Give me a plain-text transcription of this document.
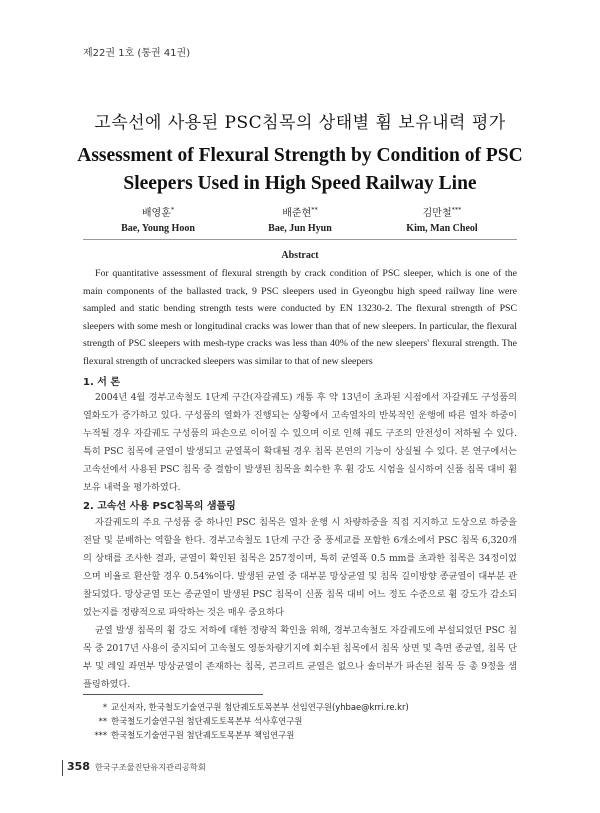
제22권 1호 (통권 41권)
고속선에 사용된 PSC침목의 상태별 휨 보유내력 평가
Assessment of Flexural Strength by Condition of PSC Sleepers Used in High Speed Railway Line
배영훈*
Bae, Young Hoon
배준현**
Bae, Jun Hyun
김만철***
Kim, Man Cheol
Abstract
For quantitative assessment of flexural strength by crack condition of PSC sleeper, which is one of the main components of the ballasted track, 9 PSC sleepers used in Gyeongbu high speed railway line were sampled and static bending strength tests were conducted by EN 13230-2. The flexural strength of PSC sleepers with some mesh or longitudinal cracks was lower than that of new sleepers. In particular, the flexural strength of PSC sleepers with mesh-type cracks was less than 40% of the new sleepers' flexural strength. The flexural strength of uncracked sleepers was similar to that of new sleepers
1. 서 론
2004년 4월 경부고속철도 1단계 구간(자갈궤도) 개통 후 약 13년이 초과된 시점에서 자갈궤도 구성품의 열화도가 증가하고 있다. 구성품의 열화가 진행되는 상황에서 고속열차의 반복적인 운행에 따른 열차 하중이 누적될 경우 자갈궤도 구성품의 파손으로 이어질 수 있으며 이로 인해 궤도 구조의 안전성이 저하될 수 있다. 특히 PSC 침목에 균열이 발생되고 균열폭이 확대될 경우 침목 본연의 기능이 상실될 수 있다. 본 연구에서는 고속선에서 사용된 PSC 침목 중 결함이 발생된 침목을 회수한 후 휨 강도 시험을 실시하여 신품 침목 대비 휨 보유 내력을 평가하였다.
2. 고속선 사용 PSC침목의 샘플링
자갈궤도의 주요 구성품 중 하나인 PSC 침목은 열차 운행 시 차량하중을 직접 지지하고 도상으로 하중을 전달 및 분배하는 역할을 한다. 경부고속철도 1단계 구간 중 풍세교를 포함한 6개소에서 PSC 침목 6,320개의 상태를 조사한 결과, 균열이 확인된 침목은 257정이며, 특히 균열폭 0.5 mm를 초과한 침목은 34정이었으며 비율로 환산할 경우 0.54%이다. 발생된 균열 중 대부분 망상균열 및 침목 길이방향 종균열이 대부분 관찰되었다. 망상균열 또는 종균열이 발생된 PSC 침목이 신품 침목 대비 어느 정도 수준으로 휨 강도가 감소되었는지를 정량적으로 파악하는 것은 매우 중요하다
균열 발생 침목의 휨 강도 저하에 대한 정량적 확인을 위해, 경부고속철도 자갈궤도에 부설되었던 PSC 침목 중 2017년 사용이 중지되어 고속철도 영동차량기지에 회수된 침목에서 침목 상면 및 측면 종균열, 침목 단부 및 레일 좌면부 망상균열이 존재하는 침목, 콘크리트 균열은 없으나 솔더부가 파손된 침목 등 총 9정을 샘플링하였다.
* 교신저자, 한국철도기술연구원 첨단궤도토목본부 선임연구원(yhbae@krri.re.kr)
** 한국철도기술연구원 첨단궤도토목본부 석사후연구원
*** 한국철도기술연구원 첨단궤도토목본부 책임연구원
358 한국구조물진단유지관리공학회
